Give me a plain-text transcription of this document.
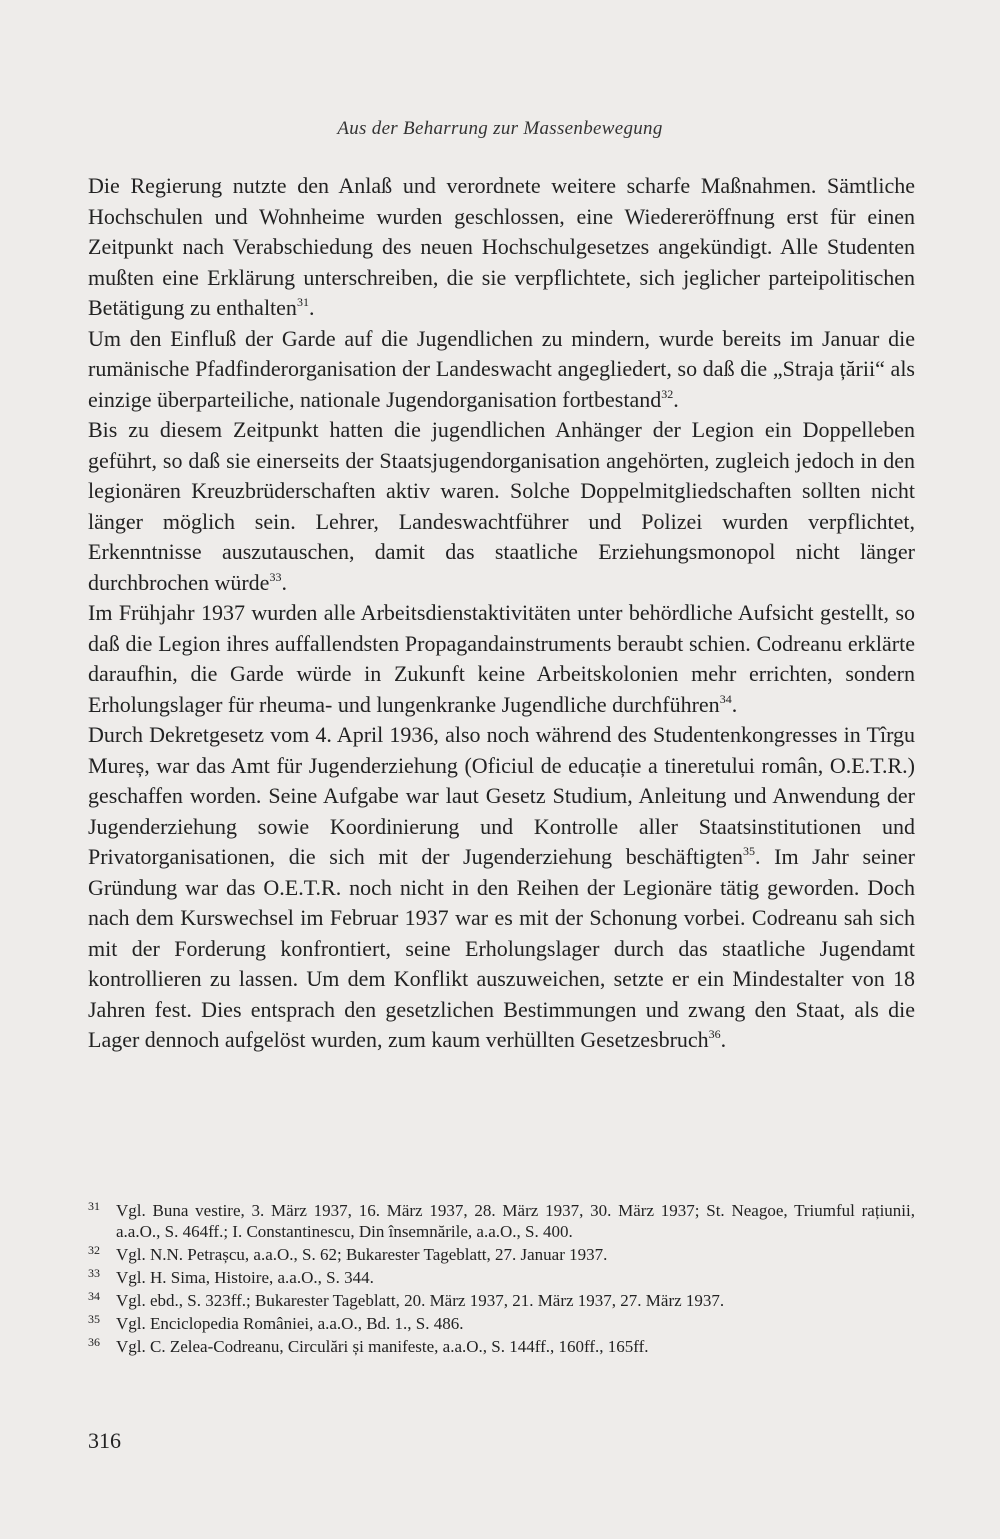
Aus der Beharrung zur Massenbewegung

Die Regierung nutzte den Anlaß und verordnete weitere scharfe Maßnahmen. Sämtliche Hochschulen und Wohnheime wurden geschlossen, eine Wiedereröffnung erst für einen Zeitpunkt nach Verabschiedung des neuen Hochschulgesetzes angekündigt. Alle Studenten mußten eine Erklärung unterschreiben, die sie verpflichtete, sich jeglicher parteipolitischen Betätigung zu enthalten$^{31}$.

Um den Einfluß der Garde auf die Jugendlichen zu mindern, wurde bereits im Januar die rumänische Pfadfinderorganisation der Landeswacht angegliedert, so daß die „Straja țării“ als einzige überparteiliche, nationale Jugendorganisation fortbestand$^{32}$.

Bis zu diesem Zeitpunkt hatten die jugendlichen Anhänger der Legion ein Doppelleben geführt, so daß sie einerseits der Staatsjugendorganisation angehörten, zugleich jedoch in den legionären Kreuzbrüderschaften aktiv waren. Solche Doppelmitgliedschaften sollten nicht länger möglich sein. Lehrer, Landeswachtführer und Polizei wurden verpflichtet, Erkenntnisse auszutauschen, damit das staatliche Erziehungsmonopol nicht länger durchbrochen würde$^{33}$.

Im Frühjahr 1937 wurden alle Arbeitsdienstaktivitäten unter behördliche Aufsicht gestellt, so daß die Legion ihres auffallendsten Propagandainstruments beraubt schien. Codreanu erklärte daraufhin, die Garde würde in Zukunft keine Arbeitskolonien mehr errichten, sondern Erholungslager für rheuma- und lungenkranke Jugendliche durchführen$^{34}$.

Durch Dekretgesetz vom 4. April 1936, also noch während des Studentenkongresses in Tîrgu Mureș, war das Amt für Jugenderziehung (Oficiul de educație a tineretului român, O.E.T.R.) geschaffen worden. Seine Aufgabe war laut Gesetz Studium, Anleitung und Anwendung der Jugenderziehung sowie Koordinierung und Kontrolle aller Staatsinstitutionen und Privatorganisationen, die sich mit der Jugenderziehung beschäftigten$^{35}$. Im Jahr seiner Gründung war das O.E.T.R. noch nicht in den Reihen der Legionäre tätig geworden. Doch nach dem Kurswechsel im Februar 1937 war es mit der Schonung vorbei. Codreanu sah sich mit der Forderung konfrontiert, seine Erholungslager durch das staatliche Jugendamt kontrollieren zu lassen. Um dem Konflikt auszuweichen, setzte er ein Mindestalter von 18 Jahren fest. Dies entsprach den gesetzlichen Bestimmungen und zwang den Staat, als die Lager dennoch aufgelöst wurden, zum kaum verhüllten Gesetzesbruch$^{36}$.

31 Vgl. Buna vestire, 3. März 1937, 16. März 1937, 28. März 1937, 30. März 1937; St. Neagoe, Triumful rațiunii, a.a.O., S. 464ff.; I. Constantinescu, Din însemnările, a.a.O., S. 400.
32 Vgl. N.N. Petrașcu, a.a.O., S. 62; Bukarester Tageblatt, 27. Januar 1937.
33 Vgl. H. Sima, Histoire, a.a.O., S. 344.
34 Vgl. ebd., S. 323ff.; Bukarester Tageblatt, 20. März 1937, 21. März 1937, 27. März 1937.
35 Vgl. Enciclopedia României, a.a.O., Bd. 1., S. 486.
36 Vgl. C. Zelea-Codreanu, Circulări și manifeste, a.a.O., S. 144ff., 160ff., 165ff.
316
